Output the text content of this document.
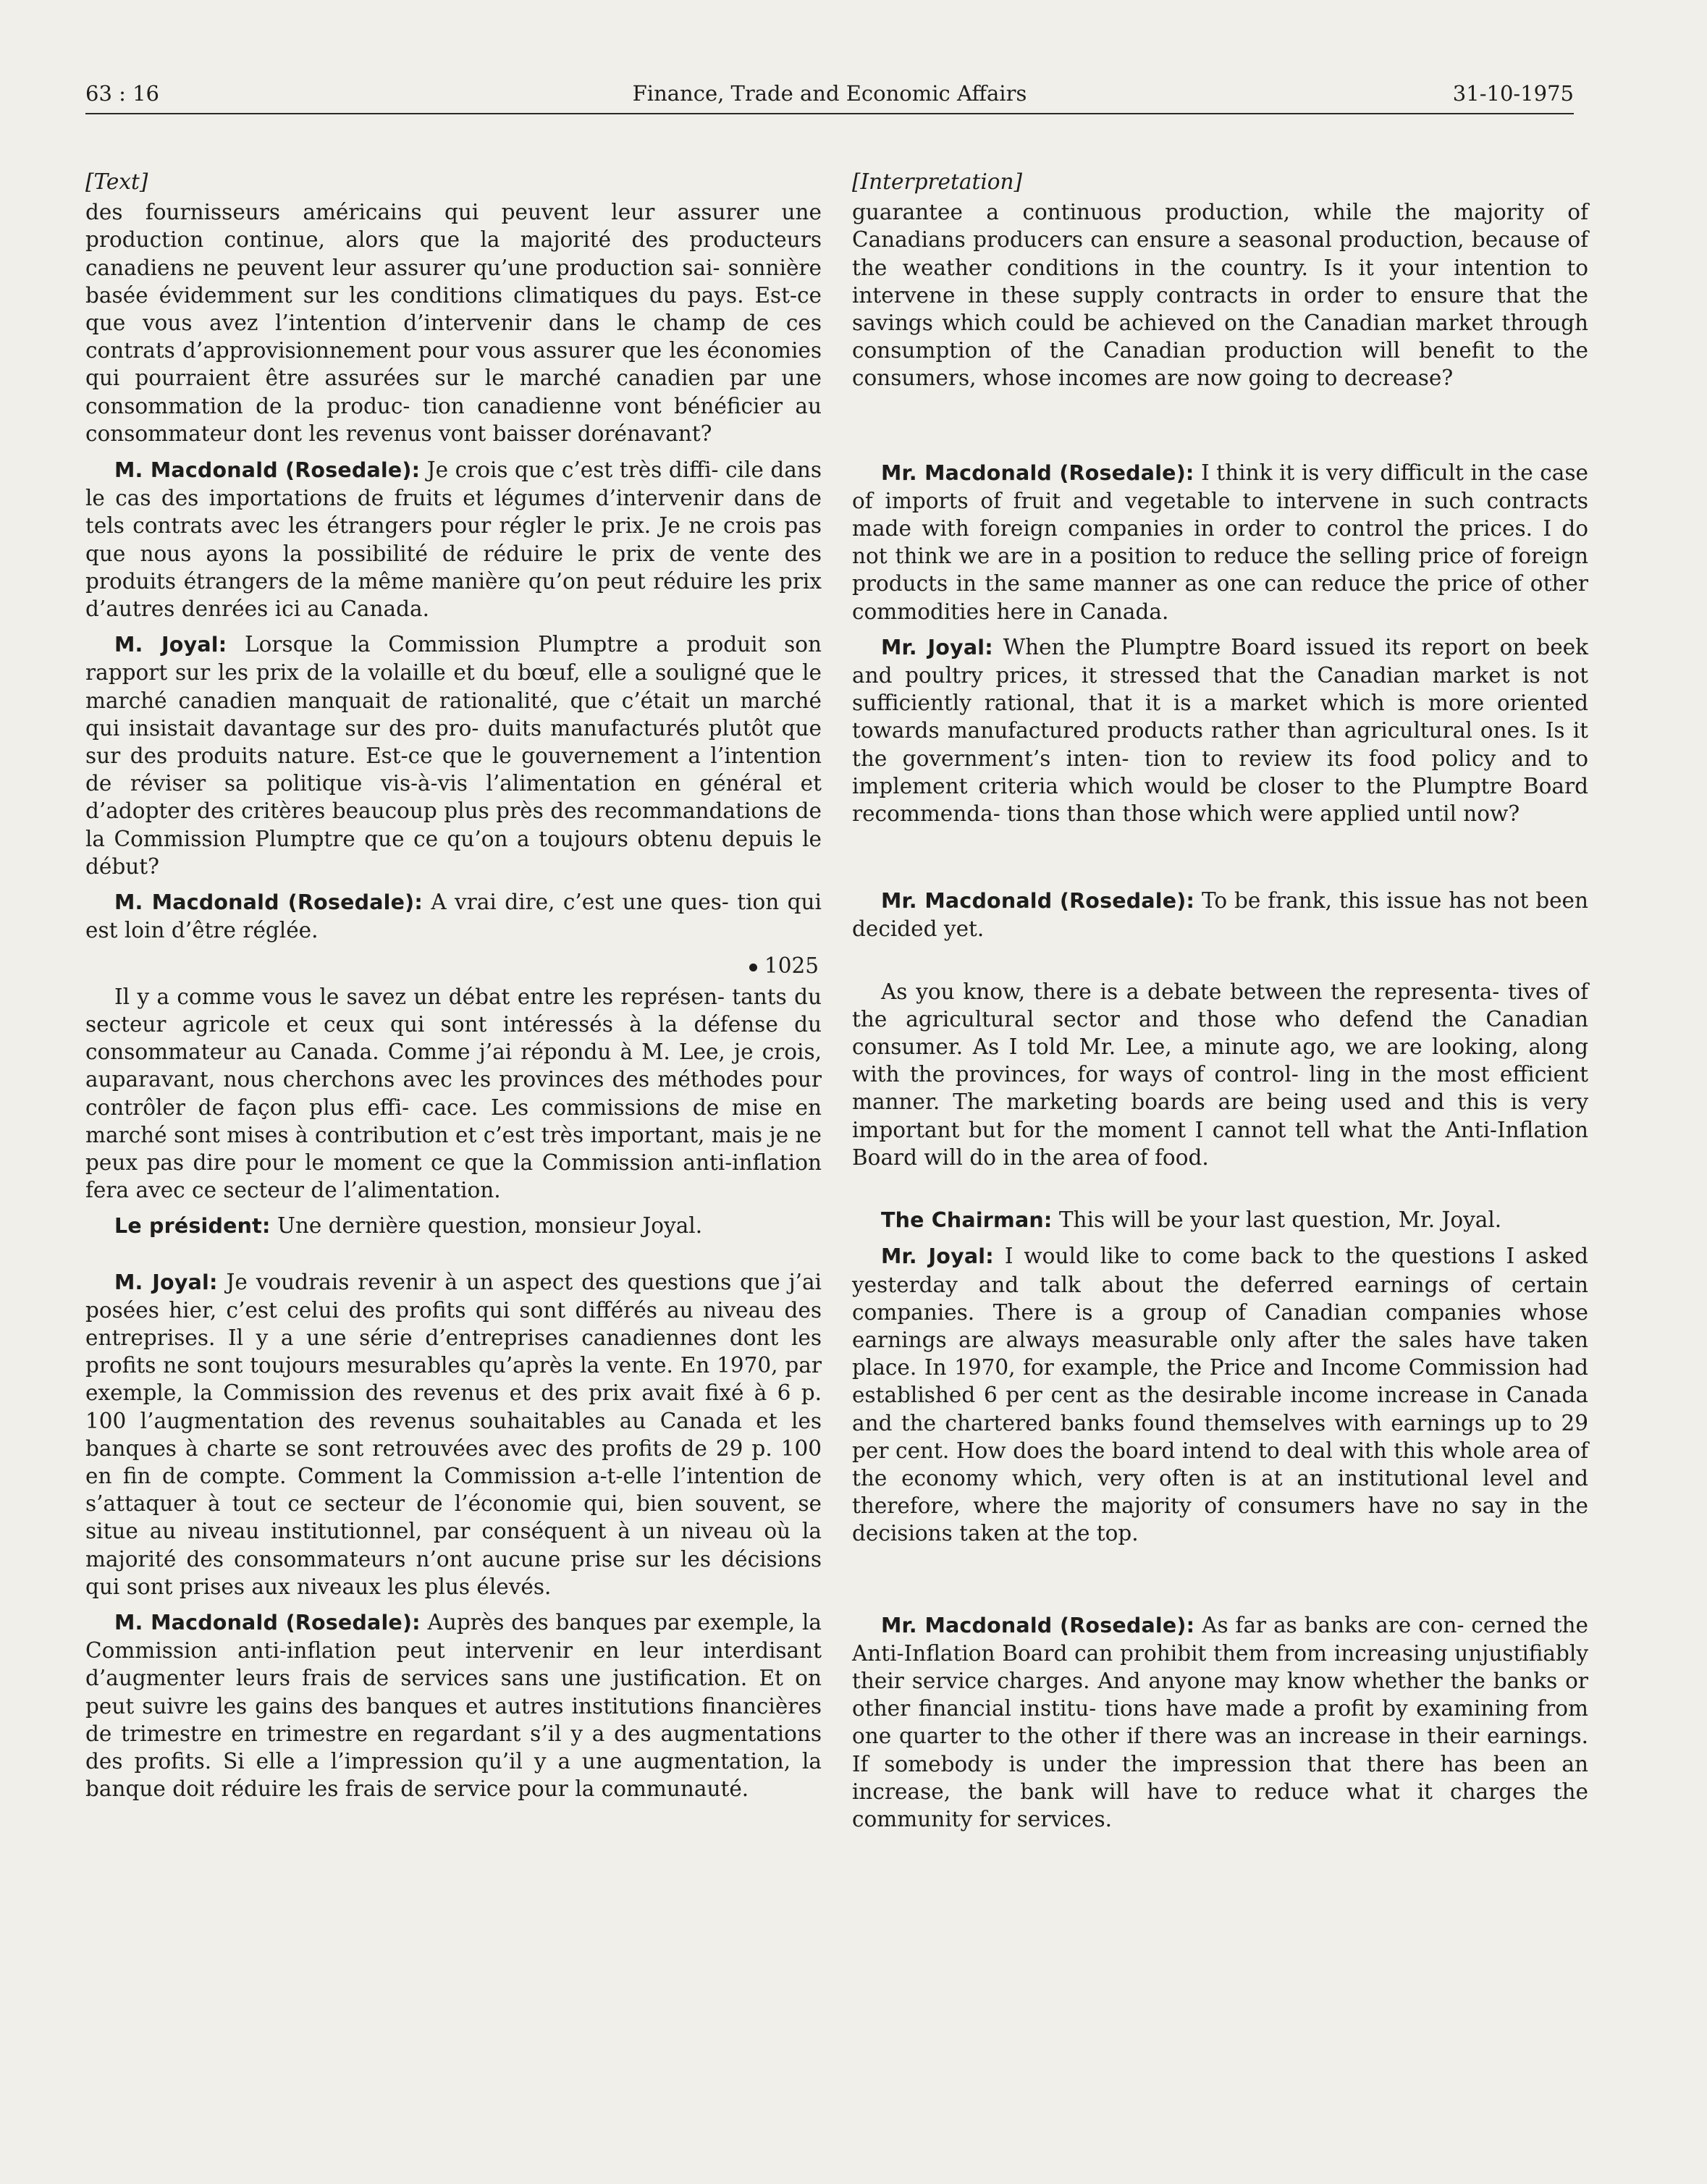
63 : 16	Finance, Trade and Economic Affairs	31-10-1975

[Text]

des fournisseurs américains qui peuvent leur assurer une production continue, alors que la majorité des producteurs canadiens ne peuvent leur assurer qu’une production sai- sonnière basée évidemment sur les conditions climatiques du pays. Est-ce que vous avez l’intention d’intervenir dans le champ de ces contrats d’approvisionnement pour vous assurer que les économies qui pourraient être assurées sur le marché canadien par une consommation de la produc- tion canadienne vont bénéficier au consommateur dont les revenus vont baisser dorénavant?

M. Macdonald (Rosedale): Je crois que c’est très diffi- cile dans le cas des importations de fruits et légumes d’intervenir dans de tels contrats avec les étrangers pour régler le prix. Je ne crois pas que nous ayons la possibilité de réduire le prix de vente des produits étrangers de la même manière qu’on peut réduire les prix d’autres denrées ici au Canada.

M. Joyal: Lorsque la Commission Plumptre a produit son rapport sur les prix de la volaille et du bœuf, elle a souligné que le marché canadien manquait de rationalité, que c’était un marché qui insistait davantage sur des pro- duits manufacturés plutôt que sur des produits nature. Est-ce que le gouvernement a l’intention de réviser sa politique vis-à-vis l’alimentation en général et d’adopter des critères beaucoup plus près des recommandations de la Commission Plumptre que ce qu’on a toujours obtenu depuis le début?

M. Macdonald (Rosedale): A vrai dire, c’est une ques- tion qui est loin d’être réglée.

1025

Il y a comme vous le savez un débat entre les représen- tants du secteur agricole et ceux qui sont intéressés à la défense du consommateur au Canada. Comme j’ai répondu à M. Lee, je crois, auparavant, nous cherchons avec les provinces des méthodes pour contrôler de façon plus effi- cace. Les commissions de mise en marché sont mises à contribution et c’est très important, mais je ne peux pas dire pour le moment ce que la Commission anti-inflation fera avec ce secteur de l’alimentation.

Le président: Une dernière question, monsieur Joyal.

M. Joyal: Je voudrais revenir à un aspect des questions que j’ai posées hier, c’est celui des profits qui sont différés au niveau des entreprises. Il y a une série d’entreprises canadiennes dont les profits ne sont toujours mesurables qu’après la vente. En 1970, par exemple, la Commission des revenus et des prix avait fixé à 6 p. 100 l’augmentation des revenus souhaitables au Canada et les banques à charte se sont retrouvées avec des profits de 29 p. 100 en fin de compte. Comment la Commission a-t-elle l’intention de s’attaquer à tout ce secteur de l’économie qui, bien souvent, se situe au niveau institutionnel, par conséquent à un niveau où la majorité des consommateurs n’ont aucune prise sur les décisions qui sont prises aux niveaux les plus élevés.

M. Macdonald (Rosedale): Auprès des banques par exemple, la Commission anti-inflation peut intervenir en leur interdisant d’augmenter leurs frais de services sans une justification. Et on peut suivre les gains des banques et autres institutions financières de trimestre en trimestre en regardant s’il y a des augmentations des profits. Si elle a l’impression qu’il y a une augmentation, la banque doit réduire les frais de service pour la communauté.

[Interpretation]

guarantee a continuous production, while the majority of Canadians producers can ensure a seasonal production, because of the weather conditions in the country. Is it your intention to intervene in these supply contracts in order to ensure that the savings which could be achieved on the Canadian market through consumption of the Canadian production will benefit to the consumers, whose incomes are now going to decrease?

Mr. Macdonald (Rosedale): I think it is very difficult in the case of imports of fruit and vegetable to intervene in such contracts made with foreign companies in order to control the prices. I do not think we are in a position to reduce the selling price of foreign products in the same manner as one can reduce the price of other commodities here in Canada.

Mr. Joyal: When the Plumptre Board issued its report on beek and poultry prices, it stressed that the Canadian market is not sufficiently rational, that it is a market which is more oriented towards manufactured products rather than agricultural ones. Is it the government’s inten- tion to review its food policy and to implement criteria which would be closer to the Plumptre Board recommenda- tions than those which were applied until now?

Mr. Macdonald (Rosedale): To be frank, this issue has not been decided yet.

As you know, there is a debate between the representa- tives of the agricultural sector and those who defend the Canadian consumer. As I told Mr. Lee, a minute ago, we are looking, along with the provinces, for ways of control- ling in the most efficient manner. The marketing boards are being used and this is very important but for the moment I cannot tell what the Anti-Inflation Board will do in the area of food.

The Chairman: This will be your last question, Mr. Joyal.

Mr. Joyal: I would like to come back to the questions I asked yesterday and talk about the deferred earnings of certain companies. There is a group of Canadian companies whose earnings are always measurable only after the sales have taken place. In 1970, for example, the Price and Income Commission had established 6 per cent as the desirable income increase in Canada and the chartered banks found themselves with earnings up to 29 per cent. How does the board intend to deal with this whole area of the economy which, very often is at an institutional level and therefore, where the majority of consumers have no say in the decisions taken at the top.

Mr. Macdonald (Rosedale): As far as banks are con- cerned the Anti-Inflation Board can prohibit them from increasing unjustifiably their service charges. And anyone may know whether the banks or other financial institu- tions have made a profit by examining from one quarter to the other if there was an increase in their earnings. If somebody is under the impression that there has been an increase, the bank will have to reduce what it charges the community for services.
